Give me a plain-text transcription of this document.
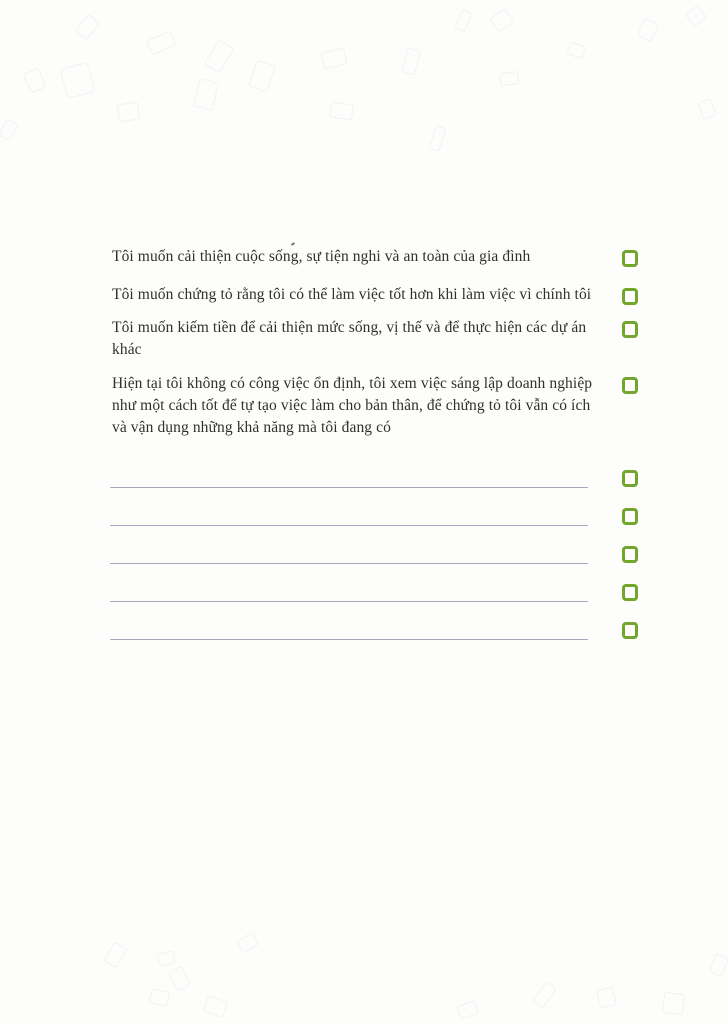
Tôi muốn cải thiện cuộc sống, sự tiện nghi và an toàn của gia đình

Tôi muốn chứng tỏ rằng tôi có thể làm việc tốt hơn khi làm việc vì chính tôi

Tôi muốn kiếm tiền để cải thiện mức sống, vị thế và để thực hiện các dự án khác

Hiện tại tôi không có công việc ổn định, tôi xem việc sáng lập doanh nghiệp như một cách tốt để tự tạo việc làm cho bản thân, để chứng tỏ tôi vẫn có ích và vận dụng những khả năng mà tôi đang có
